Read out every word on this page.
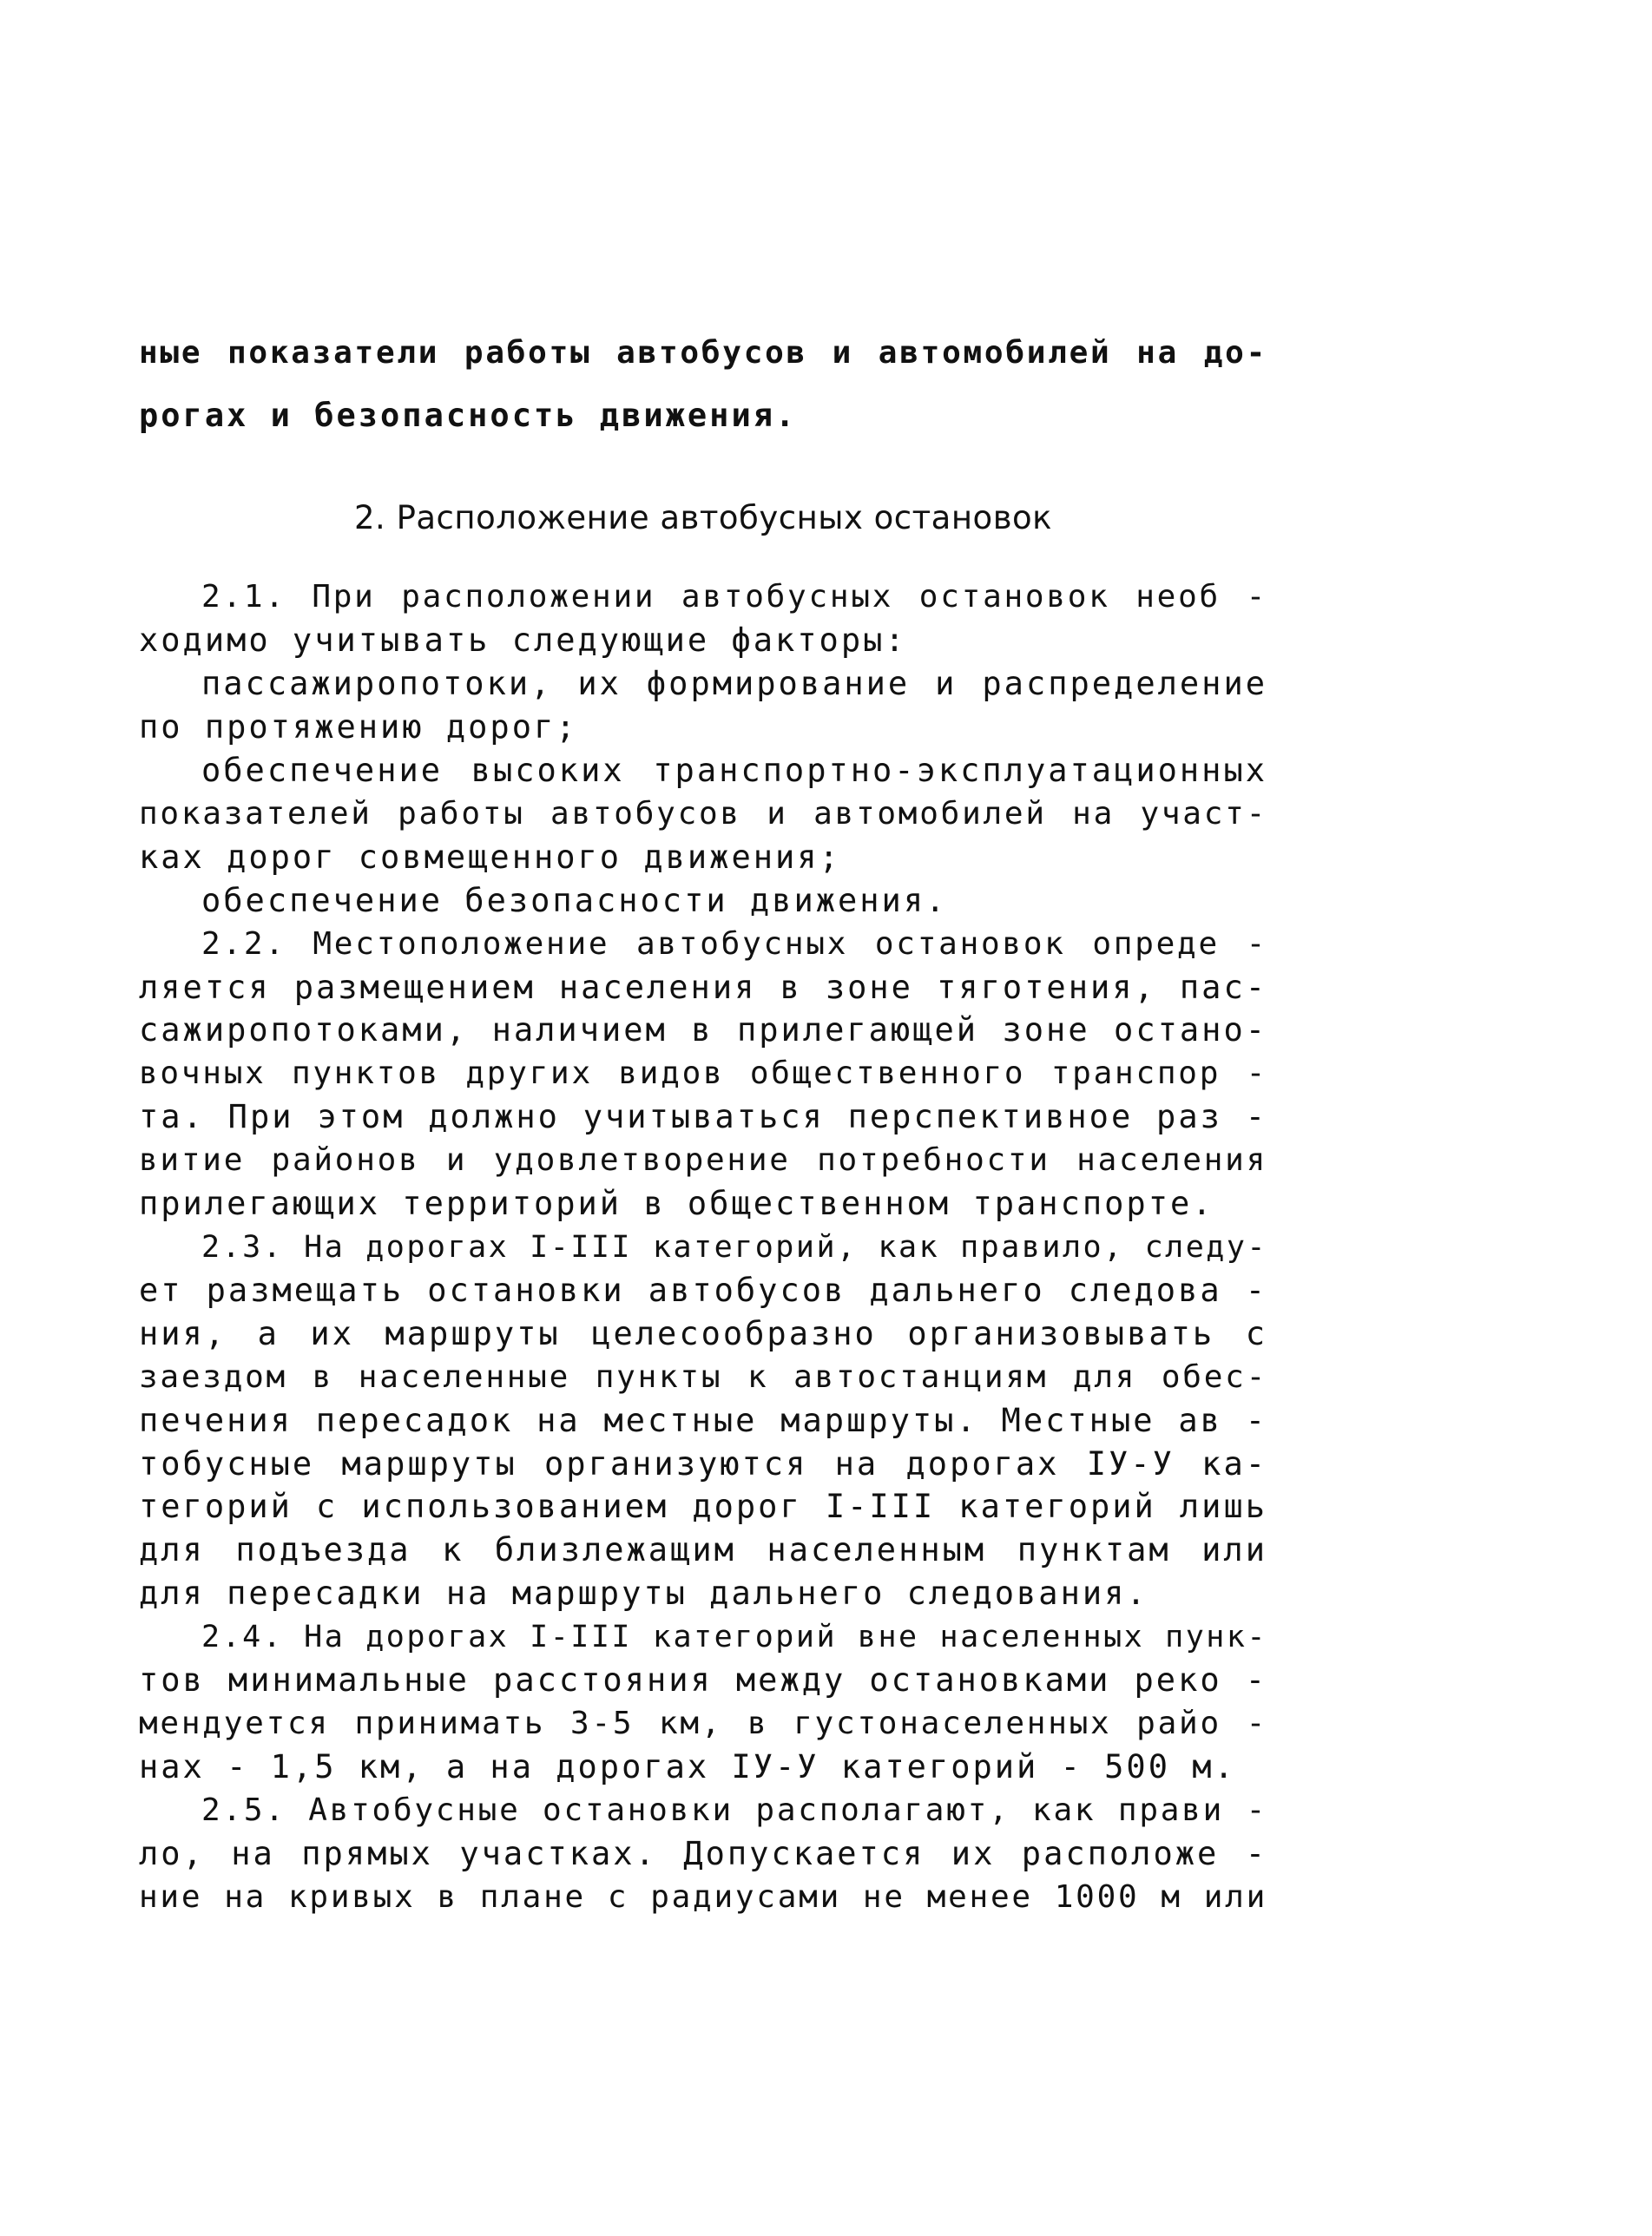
ные показатели работы автобусов и автомобилей на до-
рогах и безопасность движения.
2. Расположение автобусных остановок
2.1. При расположении автобусных остановок необ -
ходимо учитывать следующие факторы:
пассажиропотоки, их формирование и распределение
по протяжению дорог;
обеспечение высоких транспортно-эксплуатационных
показателей работы автобусов и автомобилей на участ-
ках дорог совмещенного движения;
обеспечение безопасности движения.
2.2. Местоположение автобусных остановок опреде -
ляется размещением населения в зоне тяготения, пас-
сажиропотоками, наличием в прилегающей зоне остано-
вочных пунктов других видов общественного транспор -
та. При этом должно учитываться перспективное раз -
витие районов и удовлетворение потребности населения
прилегающих территорий в общественном транспорте.
2.3. На дорогах I-III категорий, как правило, следу-
ет размещать остановки автобусов дальнего следова -
ния, а их маршруты целесообразно организовывать с
заездом в населенные пункты к автостанциям для обес-
печения пересадок на местные маршруты. Местные ав -
тобусные маршруты организуются на дорогах IУ-У ка-
тегорий с использованием дорог I-III категорий лишь
для подъезда к близлежащим населенным пунктам или
для пересадки на маршруты дальнего следования.
2.4. На дорогах I-III категорий вне населенных пунк-
тов минимальные расстояния между остановками реко -
мендуется принимать 3-5 км, в густонаселенных райо -
нах - 1,5 км, а на дорогах IУ-У категорий - 500 м.
2.5. Автобусные остановки располагают, как прави -
ло, на прямых участках. Допускается их расположе -
ние на кривых в плане с радиусами не менее 1000 м или
